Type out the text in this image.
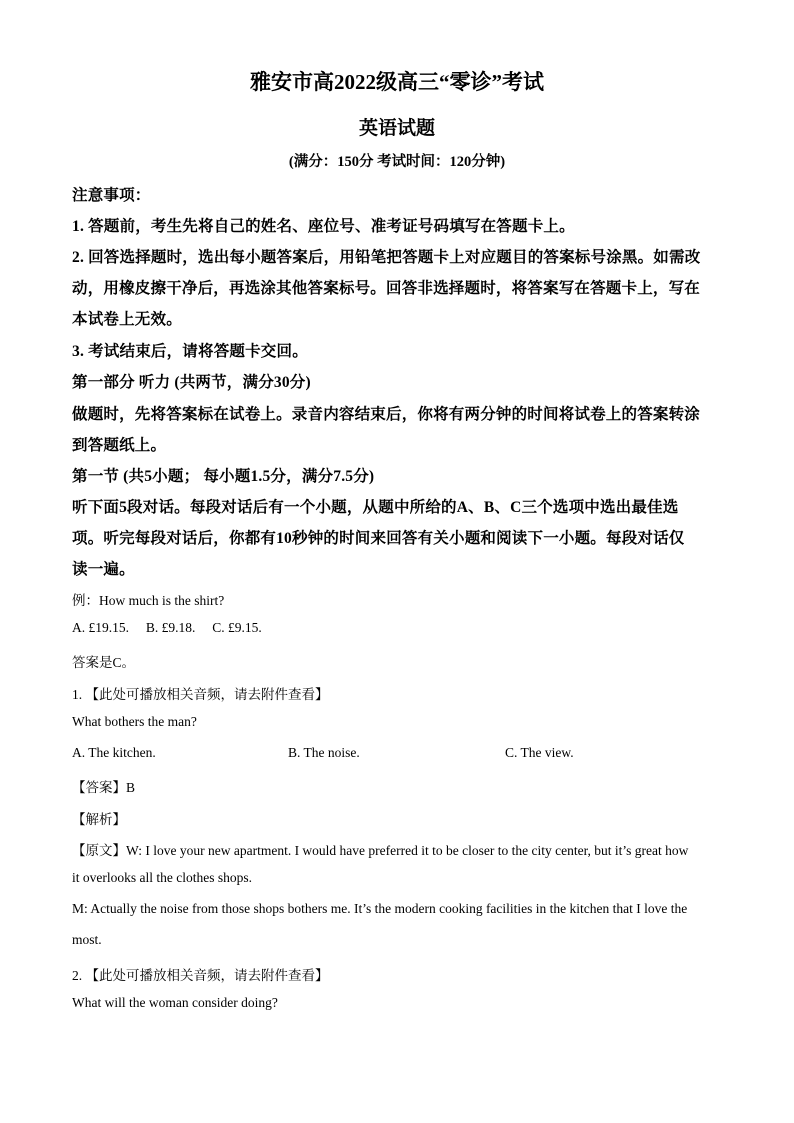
雅安市高2022级高三“零诊”考试
英语试题
(满分：150分 考试时间：120分钟)
注意事项：
1. 答题前，考生先将自己的姓名、座位号、准考证号码填写在答题卡上。
2. 回答选择题时，选出每小题答案后，用铅笔把答题卡上对应题目的答案标号涂黑。如需改
动，用橡皮擦干净后，再选涂其他答案标号。回答非选择题时，将答案写在答题卡上，写在
本试卷上无效。
3. 考试结束后，请将答题卡交回。
第一部分 听力 (共两节，满分30分)
做题时，先将答案标在试卷上。录音内容结束后，你将有两分钟的时间将试卷上的答案转涂
到答题纸上。
第一节 (共5小题； 每小题1.5分，满分7.5分)
听下面5段对话。每段对话后有一个小题，从题中所给的A、B、C三个选项中选出最佳选
项。听完每段对话后，你都有10秒钟的时间来回答有关小题和阅读下一小题。每段对话仅
读一遍。
例：How much is the shirt?
A. £19.15.     B. £9.18.     C. £9.15.
答案是C。
1. 【此处可播放相关音频，请去附件查看】
What bothers the man?
A. The kitchen.	B. The noise.	C. The view.
【答案】B
【解析】
【原文】W: I love your new apartment. I would have preferred it to be closer to the city center, but it’s great how
it overlooks all the clothes shops.
M: Actually the noise from those shops bothers me. It’s the modern cooking facilities in the kitchen that I love the
most.
2. 【此处可播放相关音频，请去附件查看】
What will the woman consider doing?
